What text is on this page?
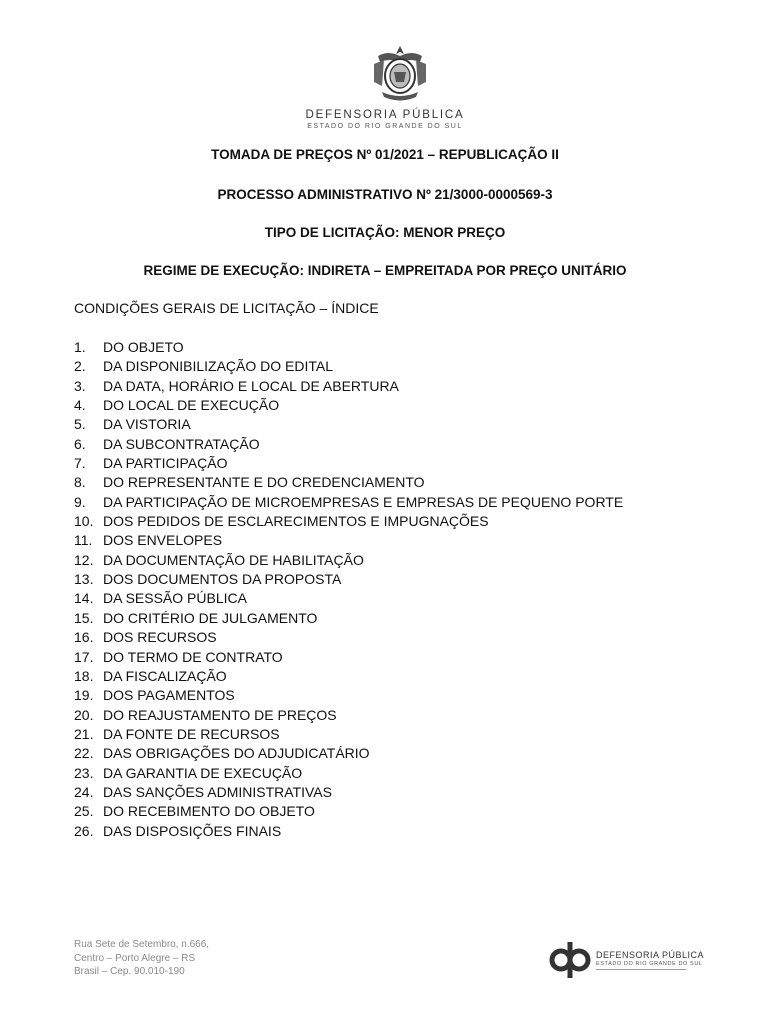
DEFENSORIA PÚBLICA
ESTADO DO RIO GRANDE DO SUL
TOMADA DE PREÇOS Nº 01/2021 – REPUBLICAÇÃO II
PROCESSO ADMINISTRATIVO Nº 21/3000-0000569-3
TIPO DE LICITAÇÃO: MENOR PREÇO
REGIME DE EXECUÇÃO: INDIRETA – EMPREITADA POR PREÇO UNITÁRIO
CONDIÇÕES GERAIS DE LICITAÇÃO – ÍNDICE
1. DO OBJETO
2. DA DISPONIBILIZAÇÃO DO EDITAL
3. DA DATA, HORÁRIO E LOCAL DE ABERTURA
4. DO LOCAL DE EXECUÇÃO
5. DA VISTORIA
6. DA SUBCONTRATAÇÃO
7. DA PARTICIPAÇÃO
8. DO REPRESENTANTE E DO CREDENCIAMENTO
9. DA PARTICIPAÇÃO DE MICROEMPRESAS E EMPRESAS DE PEQUENO PORTE
10. DOS PEDIDOS DE ESCLARECIMENTOS E IMPUGNAÇÕES
11. DOS ENVELOPES
12. DA DOCUMENTAÇÃO DE HABILITAÇÃO
13. DOS DOCUMENTOS DA PROPOSTA
14. DA SESSÃO PÚBLICA
15. DO CRITÉRIO DE JULGAMENTO
16. DOS RECURSOS
17. DO TERMO DE CONTRATO
18. DA FISCALIZAÇÃO
19. DOS PAGAMENTOS
20. DO REAJUSTAMENTO DE PREÇOS
21. DA FONTE DE RECURSOS
22. DAS OBRIGAÇÕES DO ADJUDICATÁRIO
23. DA GARANTIA DE EXECUÇÃO
24. DAS SANÇÕES ADMINISTRATIVAS
25. DO RECEBIMENTO DO OBJETO
26. DAS DISPOSIÇÕES FINAIS
Rua Sete de Setembro, n.666,
Centro – Porto Alegre – RS
Brasil – Cep. 90.010-190
DEFENSORIA PÚBLICA
ESTADO DO RIO GRANDE DO SUL
